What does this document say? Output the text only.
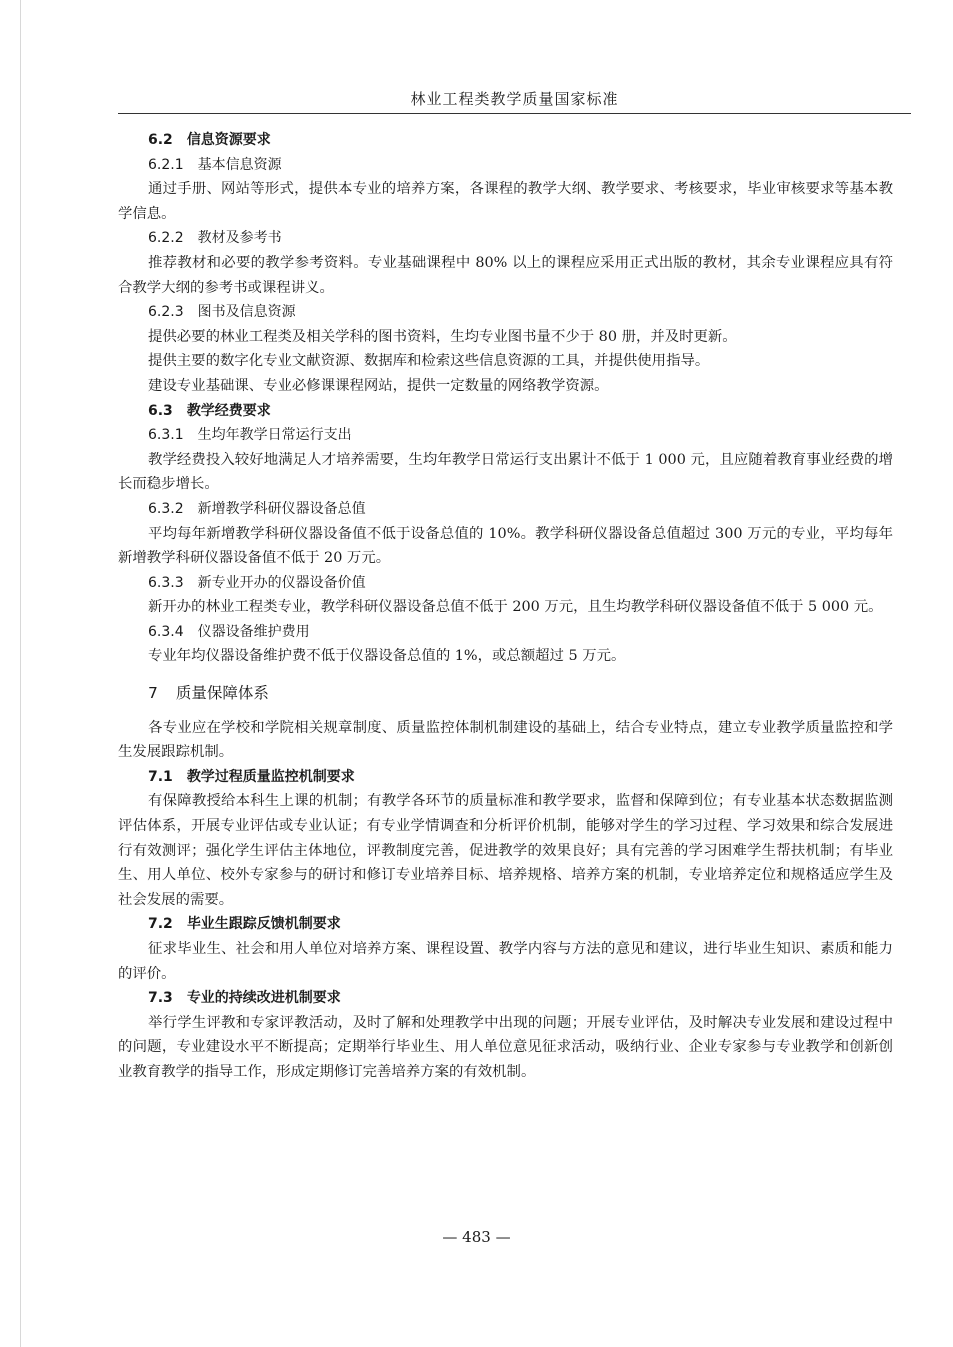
林业工程类教学质量国家标准

6.2 信息资源要求

6.2.1 基本信息资源

通过手册、网站等形式，提供本专业的培养方案，各课程的教学大纲、教学要求、考核要求，毕业审核要求等基本教学信息。

6.2.2 教材及参考书

推荐教材和必要的教学参考资料。专业基础课程中 80% 以上的课程应采用正式出版的教材，其余专业课程应具有符合教学大纲的参考书或课程讲义。

6.2.3 图书及信息资源

提供必要的林业工程类及相关学科的图书资料，生均专业图书量不少于 80 册，并及时更新。

提供主要的数字化专业文献资源、数据库和检索这些信息资源的工具，并提供使用指导。

建设专业基础课、专业必修课课程网站，提供一定数量的网络教学资源。

6.3 教学经费要求

6.3.1 生均年教学日常运行支出

教学经费投入较好地满足人才培养需要，生均年教学日常运行支出累计不低于 1 000 元，且应随着教育事业经费的增长而稳步增长。

6.3.2 新增教学科研仪器设备总值

平均每年新增教学科研仪器设备值不低于设备总值的 10%。教学科研仪器设备总值超过 300 万元的专业，平均每年新增教学科研仪器设备值不低于 20 万元。

6.3.3 新专业开办的仪器设备价值

新开办的林业工程类专业，教学科研仪器设备总值不低于 200 万元，且生均教学科研仪器设备值不低于 5 000 元。

6.3.4 仪器设备维护费用

专业年均仪器设备维护费不低于仪器设备总值的 1%，或总额超过 5 万元。

7 质量保障体系

各专业应在学校和学院相关规章制度、质量监控体制机制建设的基础上，结合专业特点，建立专业教学质量监控和学生发展跟踪机制。

7.1 教学过程质量监控机制要求

有保障教授给本科生上课的机制；有教学各环节的质量标准和教学要求，监督和保障到位；有专业基本状态数据监测评估体系，开展专业评估或专业认证；有专业学情调查和分析评价机制，能够对学生的学习过程、学习效果和综合发展进行有效测评；强化学生评估主体地位，评教制度完善，促进教学的效果良好；具有完善的学习困难学生帮扶机制；有毕业生、用人单位、校外专家参与的研讨和修订专业培养目标、培养规格、培养方案的机制，专业培养定位和规格适应学生及社会发展的需要。

7.2 毕业生跟踪反馈机制要求

征求毕业生、社会和用人单位对培养方案、课程设置、教学内容与方法的意见和建议，进行毕业生知识、素质和能力的评价。

7.3 专业的持续改进机制要求

举行学生评教和专家评教活动，及时了解和处理教学中出现的问题；开展专业评估，及时解决专业发展和建设过程中的问题，专业建设水平不断提高；定期举行毕业生、用人单位意见征求活动，吸纳行业、企业专家参与专业教学和创新创业教育教学的指导工作，形成定期修订完善培养方案的有效机制。

— 483 —
